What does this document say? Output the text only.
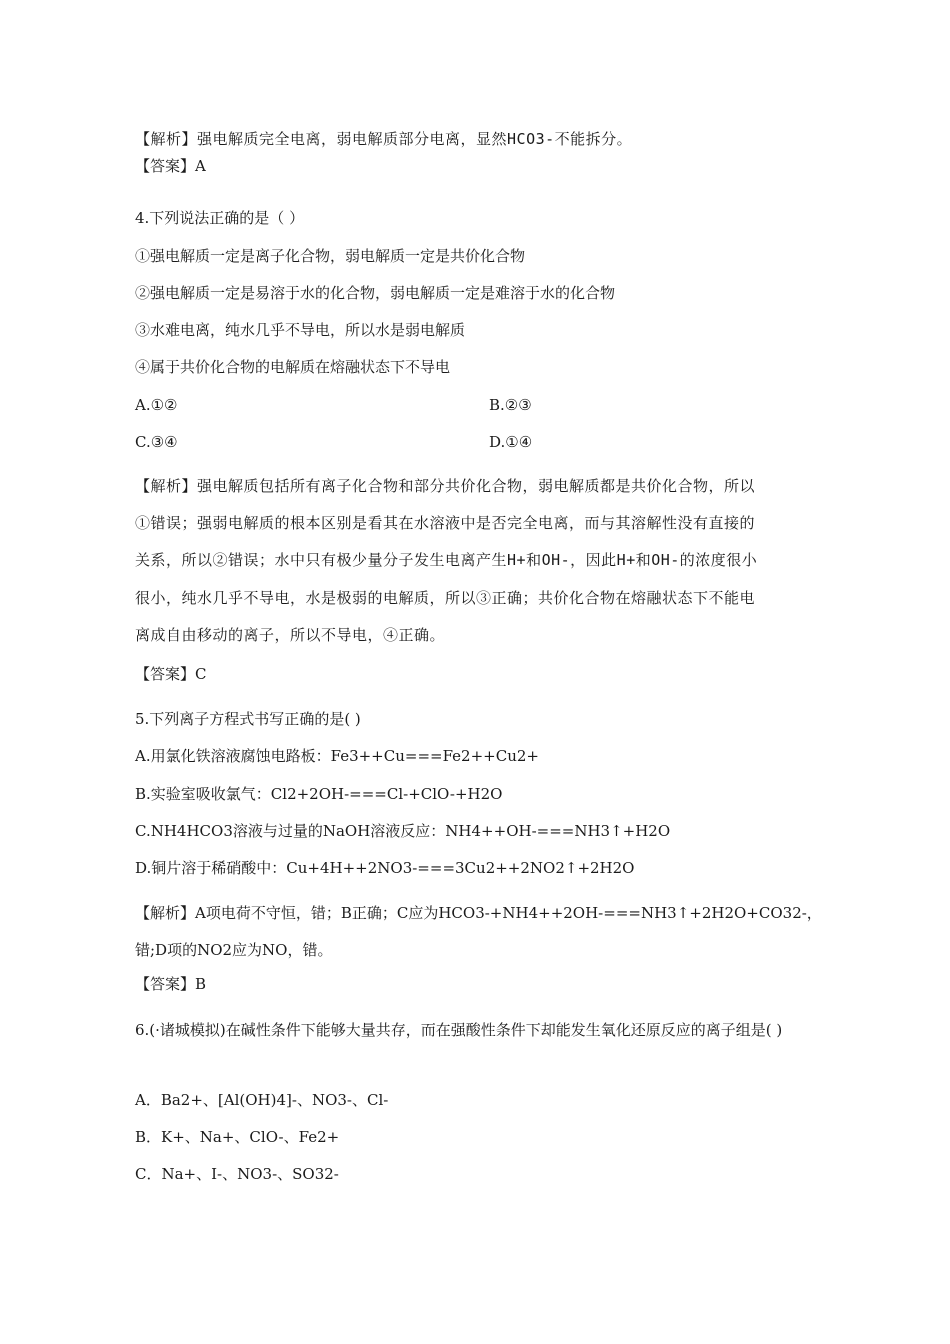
【解析】强电解质完全电离，弱电解质部分电离，显然HCO3-不能拆分。
【答案】A
4.下列说法正确的是（ ）
①强电解质一定是离子化合物，弱电解质一定是共价化合物
②强电解质一定是易溶于水的化合物，弱电解质一定是难溶于水的化合物
③水难电离，纯水几乎不导电，所以水是弱电解质
④属于共价化合物的电解质在熔融状态下不导电
A.①②	B.②③
C.③④	D.①④
【解析】强电解质包括所有离子化合物和部分共价化合物，弱电解质都是共价化合物，所以
①错误；强弱电解质的根本区别是看其在水溶液中是否完全电离，而与其溶解性没有直接的
关系，所以②错误；水中只有极少量分子发生电离产生H+和OH-，因此H+和OH-的浓度很小
很小，纯水几乎不导电，水是极弱的电解质，所以③正确；共价化合物在熔融状态下不能电
离成自由移动的离子，所以不导电，④正确。
【答案】C
5.下列离子方程式书写正确的是( )
A.用氯化铁溶液腐蚀电路板：Fe3++Cu===Fe2++Cu2+
B.实验室吸收氯气：Cl2+2OH-===Cl-+ClO-+H2O
C.NH4HCO3溶液与过量的NaOH溶液反应：NH4++OH-===NH3↑+H2O
D.铜片溶于稀硝酸中：Cu+4H++2NO3-===3Cu2++2NO2↑+2H2O
【解析】A项电荷不守恒，错；B正确；C应为HCO3-+NH4++2OH-===NH3↑+2H2O+CO32-，错;D项的NO2应为NO，错。
【答案】B
6.(·诸城模拟)在碱性条件下能够大量共存，而在强酸性条件下却能发生氧化还原反应的离子组是( )
A．Ba2+、[Al(OH)4]-、NO3-、Cl-
B．K+、Na+、ClO-、Fe2+
C．Na+、I-、NO3-、SO32-
